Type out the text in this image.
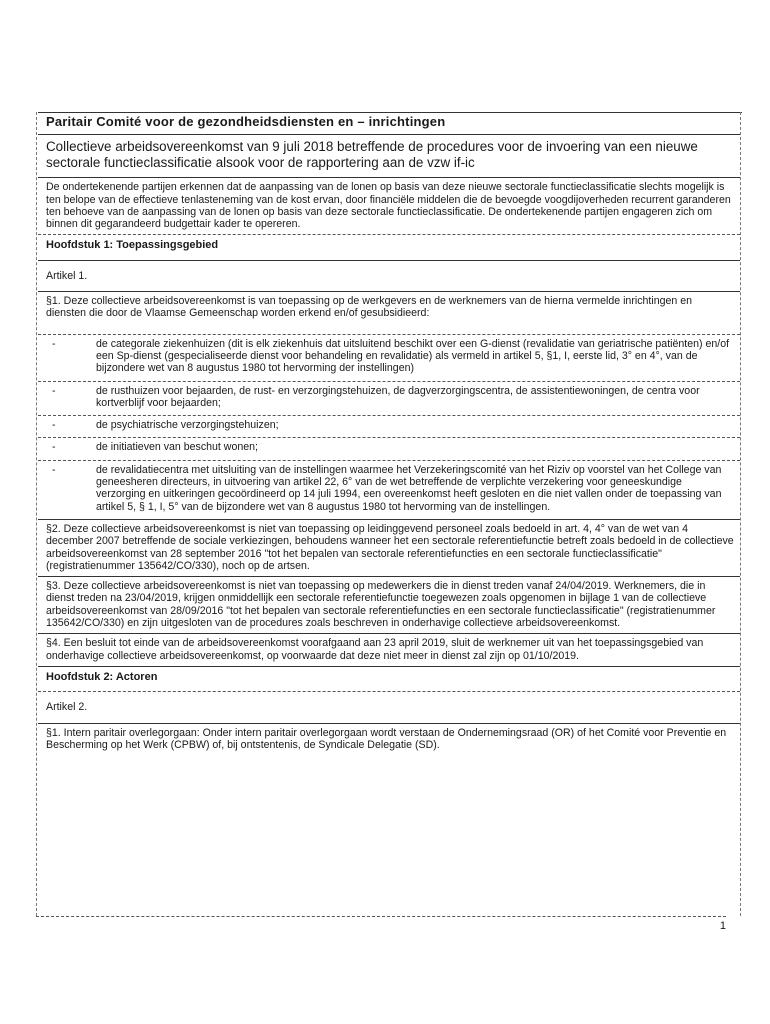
Paritair Comité voor de gezondheidsdiensten en – inrichtingen
Collectieve arbeidsovereenkomst van 9 juli 2018 betreffende de procedures voor de invoering van een nieuwe sectorale functieclassificatie alsook voor de rapportering aan de vzw if-ic
De ondertekenende partijen erkennen dat de aanpassing van de lonen op basis van deze nieuwe sectorale functieclassificatie slechts mogelijk is ten belope van de effectieve tenlasteneming van de kost ervan, door financiële middelen die de bevoegde voogdijoverheden recurrent garanderen ten behoeve van de aanpassing van de lonen op basis van deze sectorale functieclassificatie. De ondertekenende partijen engageren zich om binnen dit gegarandeerd budgettair kader te opereren.
Hoofdstuk 1: Toepassingsgebied
Artikel 1.
§1. Deze collectieve arbeidsovereenkomst is van toepassing op de werkgevers en de werknemers van de hierna vermelde inrichtingen en diensten die door de Vlaamse Gemeenschap worden erkend en/of gesubsidieerd:
-	de categorale ziekenhuizen (dit is elk ziekenhuis dat uitsluitend beschikt over een G-dienst (revalidatie van geriatrische patiënten) en/of een Sp-dienst (gespecialiseerde dienst voor behandeling en revalidatie) als vermeld in artikel 5, §1, I, eerste lid, 3° en 4°, van de bijzondere wet van 8 augustus 1980 tot hervorming der instellingen)
-	de rusthuizen voor bejaarden, de rust- en verzorgingstehuizen, de dagverzorgingscentra, de assistentiewoningen, de centra voor kortverblijf voor bejaarden;
-	de psychiatrische verzorgingstehuizen;
-	de initiatieven van beschut wonen;
-	de revalidatiecentra met uitsluiting van de instellingen waarmee het Verzekeringscomité van het Riziv op voorstel van het College van geneesheren directeurs, in uitvoering van artikel 22, 6° van de wet betreffende de verplichte verzekering voor geneeskundige verzorging en uitkeringen gecoördineerd op 14 juli 1994, een overeenkomst heeft gesloten en die niet vallen onder de toepassing van artikel 5, § 1, I, 5° van de bijzondere wet van 8 augustus 1980 tot hervorming van de instellingen.
§2. Deze collectieve arbeidsovereenkomst is niet van toepassing op leidinggevend personeel zoals bedoeld in art. 4, 4° van de wet van 4 december 2007 betreffende de sociale verkiezingen, behoudens wanneer het een sectorale referentiefunctie betreft zoals bedoeld in de collectieve arbeidsovereenkomst van 28 september 2016 "tot het bepalen van sectorale referentiefuncties en een sectorale functieclassificatie" (registratienummer 135642/CO/330), noch op de artsen.
§3. Deze collectieve arbeidsovereenkomst is niet van toepassing op medewerkers die in dienst treden vanaf 24/04/2019. Werknemers, die in dienst treden na 23/04/2019, krijgen onmiddellijk een sectorale referentiefunctie toegewezen zoals opgenomen in bijlage 1 van de collectieve arbeidsovereenkomst van 28/09/2016 "tot het bepalen van sectorale referentiefuncties en een sectorale functieclassificatie" (registratienummer 135642/CO/330) en zijn uitgesloten van de procedures zoals beschreven in onderhavige collectieve arbeidsovereenkomst.
§4. Een besluit tot einde van de arbeidsovereenkomst voorafgaand aan 23 april 2019, sluit de werknemer uit van het toepassingsgebied van onderhavige collectieve arbeidsovereenkomst, op voorwaarde dat deze niet meer in dienst zal zijn op 01/10/2019.
Hoofdstuk 2: Actoren
Artikel 2.
§1. Intern paritair overlegorgaan: Onder intern paritair overlegorgaan wordt verstaan de Ondernemingsraad (OR) of het Comité voor Preventie en Bescherming op het Werk (CPBW) of, bij ontstentenis, de Syndicale Delegatie (SD).
1
